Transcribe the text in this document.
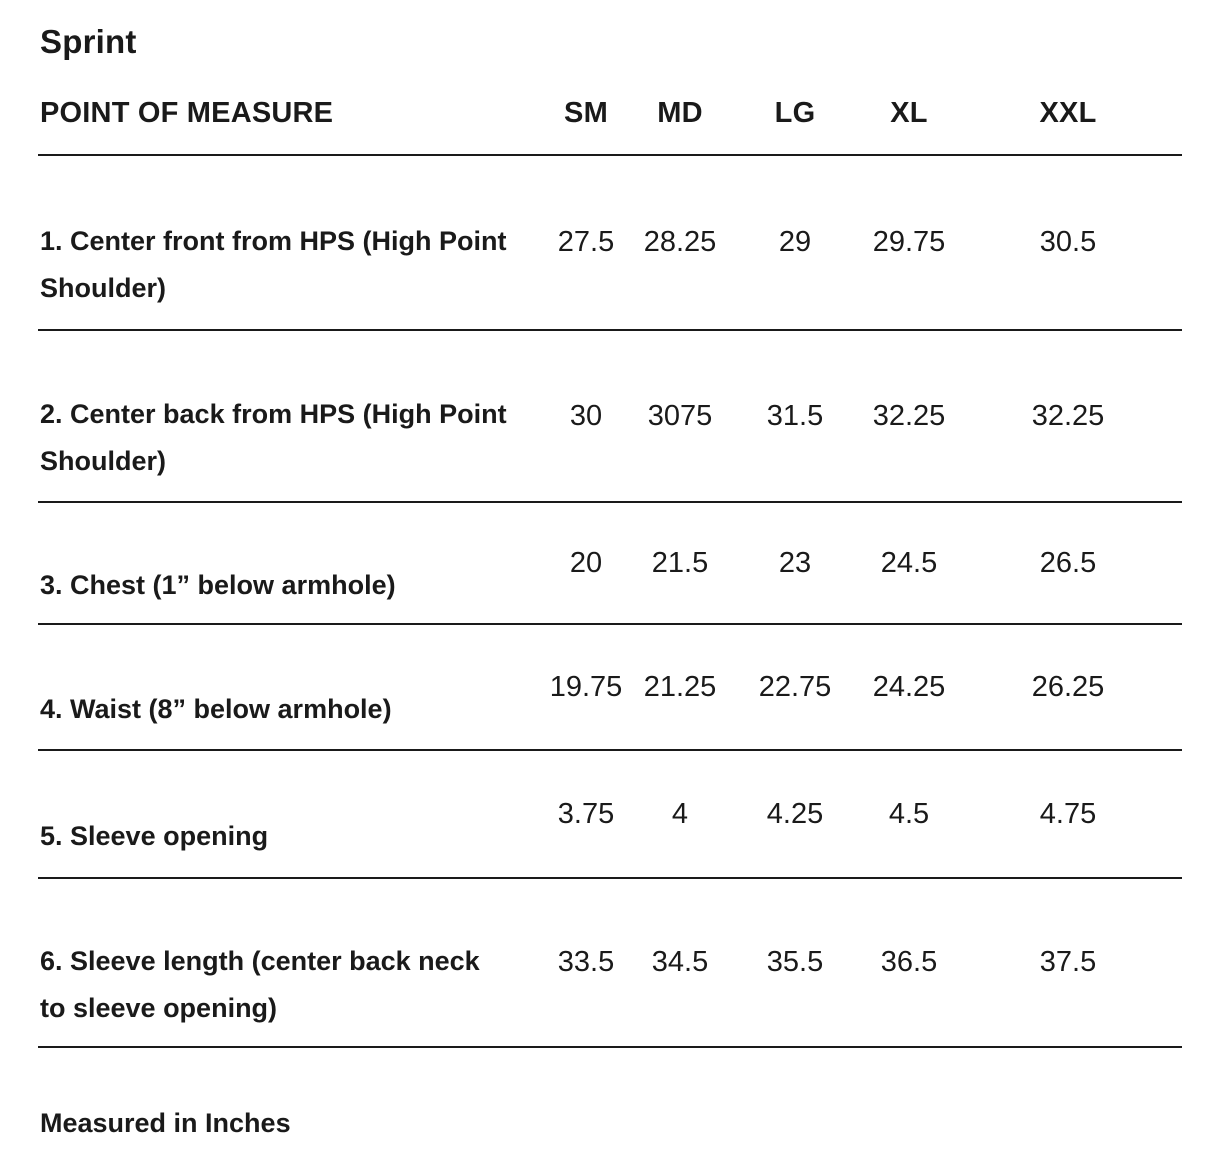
Sprint
POINT OF MEASURE	SM	MD	LG	XL	XXL
1. Center front from HPS (High Point Shoulder)	27.5	28.25	29	29.75	30.5
2. Center back from HPS (High Point Shoulder)	30	3075	31.5	32.25	32.25
3. Chest (1” below armhole)	20	21.5	23	24.5	26.5
4. Waist (8” below armhole)	19.75	21.25	22.75	24.25	26.25
5. Sleeve opening	3.75	4	4.25	4.5	4.75
6. Sleeve length (center back neck to sleeve opening)	33.5	34.5	35.5	36.5	37.5
Measured in Inches
